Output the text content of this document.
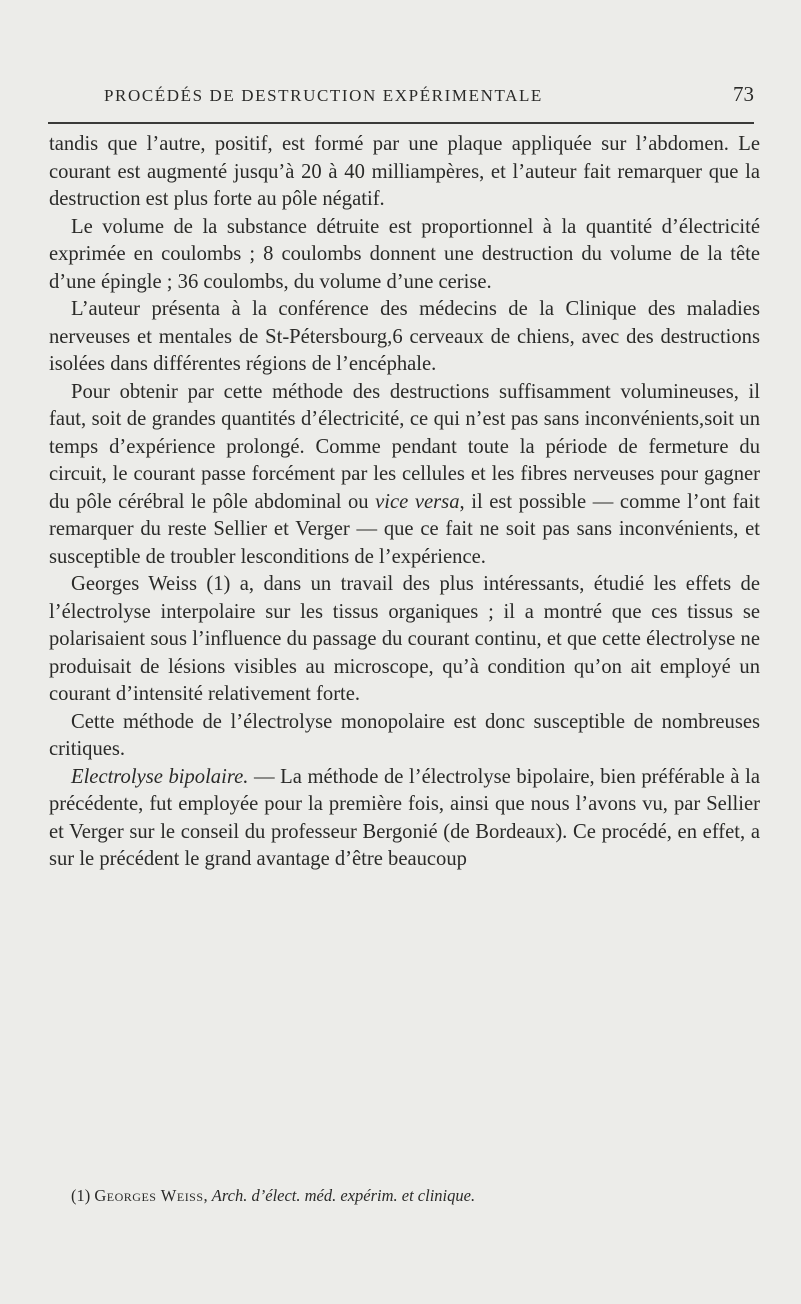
PROCÉDÉS DE DESTRUCTION EXPÉRIMENTALE	73

tandis que l’autre, positif, est formé par une plaque appliquée sur l’abdomen. Le courant est augmenté jusqu’à 20 à 40 milliampères, et l’auteur fait remarquer que la destruction est plus forte au pôle négatif.

Le volume de la substance détruite est proportionnel à la quantité d’électricité exprimée en coulombs ; 8 coulombs donnent une destruction du volume de la tête d’une épingle ; 36 coulombs, du volume d’une cerise.

L’auteur présenta à la conférence des médecins de la Clinique des maladies nerveuses et mentales de St-Pétersbourg,6 cerveaux de chiens, avec des destructions isolées dans différentes régions de l’encéphale.

Pour obtenir par cette méthode des destructions suffisamment volumineuses, il faut, soit de grandes quantités d’électricité, ce qui n’est pas sans inconvénients,soit un temps d’expérience prolongé. Comme pendant toute la période de fermeture du circuit, le courant passe forcément par les cellules et les fibres nerveuses pour gagner du pôle cérébral le pôle abdominal ou vice versa, il est possible — comme l’ont fait remarquer du reste Sellier et Verger — que ce fait ne soit pas sans inconvénients, et susceptible de troubler lesconditions de l’expérience.

Georges Weiss (1) a, dans un travail des plus intéressants, étudié les effets de l’électrolyse interpolaire sur les tissus organiques ; il a montré que ces tissus se polarisaient sous l’influence du passage du courant continu, et que cette électrolyse ne produisait de lésions visibles au microscope, qu’à condition qu’on ait employé un courant d’intensité relativement forte.

Cette méthode de l’électrolyse monopolaire est donc susceptible de nombreuses critiques.

Electrolyse bipolaire. — La méthode de l’électrolyse bipolaire, bien préférable à la précédente, fut employée pour la première fois, ainsi que nous l’avons vu, par Sellier et Verger sur le conseil du professeur Bergonié (de Bordeaux). Ce procédé, en effet, a sur le précédent le grand avantage d’être beaucoup

(1) Georges Weiss, Arch. d’élect. méd. expérim. et clinique.
